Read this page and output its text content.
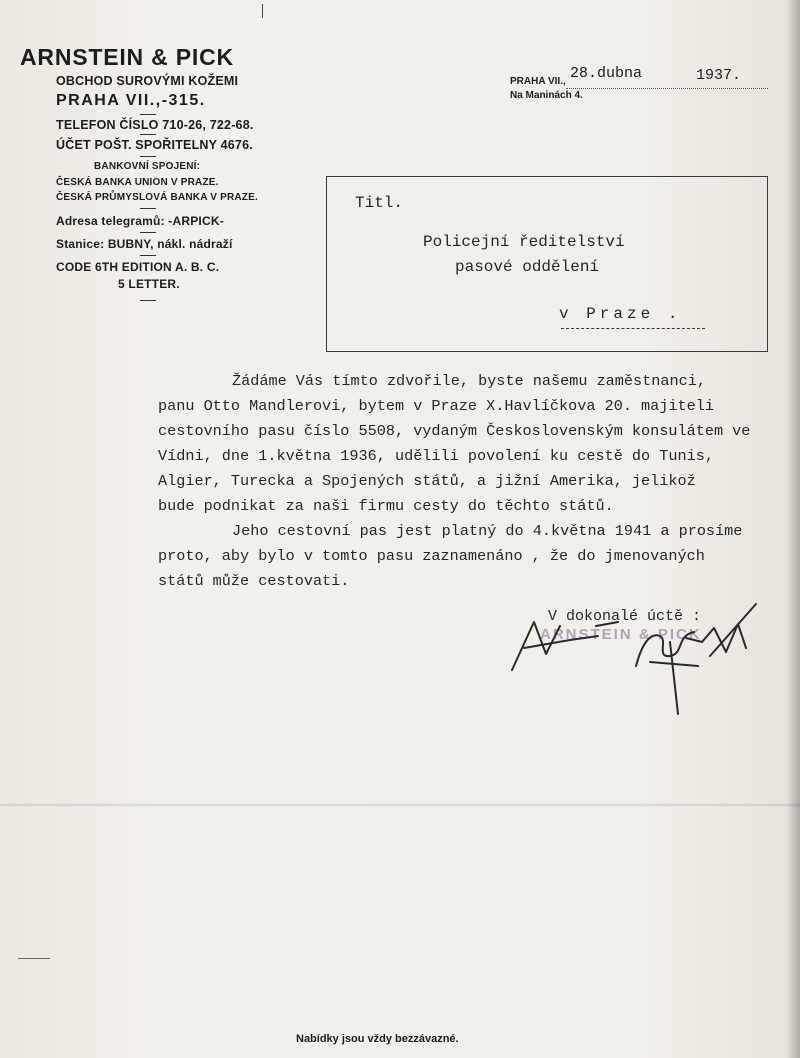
ARNSTEIN & PICK
OBCHOD SUROVÝMI KOŽEMI
PRAHA VII.,-315.
TELEFON ČÍSLO 710-26, 722-68.
ÚČET POŠT. SPOŘITELNY 4676.
BANKOVNÍ SPOJENÍ:
ČESKÁ BANKA UNION V PRAZE.
ČESKÁ PRŮMYSLOVÁ BANKA V PRAZE.
Adresa telegramů: -ARPICK-
Stanice: BUBNY, nákl. nádraží
CODE 6TH EDITION A. B. C.
5 LETTER.
PRAHA VII., 28.dubna	1937.
Na Maninách 4.
Titl.
Policejní ředitelství
pasové oddělení
v Praze .
Žádáme Vás tímto zdvořile, byste našemu zaměstnanci,
panu Otto Mandlerovi, bytem v Praze X.Havlíčkova 20. majiteli
cestovního pasu číslo 5508, vydaným Československým konsulátem ve
Vídni, dne 1.května 1936, udělili povolení ku cestě do Tunis,
Algier, Turecka a Spojených států, a jižní Amerika, jelikož
bude podnikat za naši firmu cesty do těchto států.
Jeho cestovní pas jest platný do 4.května 1941 a prosíme
proto, aby bylo v tomto pasu zaznamenáno , že do jmenovaných
států může cestovati.
V dokonalé úctě :
ARNSTEIN & PICK
Nabídky jsou vždy bezzávazné.
